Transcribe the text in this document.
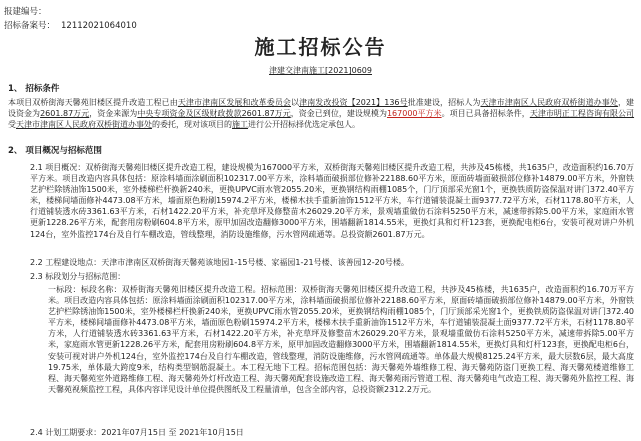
报建编号：
招标备案号： 12112021064010
施工招标公告
津建交津南施工[2021]0609
1、 招标条件
本项目双桥街海天馨苑旧楼区提升改造工程已由天津市津南区发展和改革委员会以津南发改投资【2021】136号批准建设，招标人为天津市津南区人民政府双桥街道办事处，建设资金为2601.87万元，资金来源为中央专项资金及区级财政拨款2601.87万元，资金已到位，建设规模为167000平方米。项目已具备招标条件，天津市明正工程咨询有限公司受天津市津南区人民政府双桥街道办事处的委托，现对该项目的施工进行公开招标择优选定承包人。
2、 项目概况与招标范围
2.1 项目概况：双桥街海天馨苑旧楼区提升改造工程，建设规模为167000平方米，双桥街海天馨苑旧楼区提升改造工程，共涉及45栋楼，共1635户，改造面积约16.70万平方米。项目改造内容具体包括：原涂料墙面涂刷面积102317.00平方米，涂料墙面破损部位修补22188.60平方米，原面砖墙面破损部位修补14879.00平方米，外窗铁艺护栏除锈油饰1500米，室外楼梯栏杆换新240米，更换UPVC雨水管2055.20米，更换钢结构雨棚1085个，门厅顶部采光窗1个，更换铁质防盗保温对讲门372.40平方米，楼梯间墙面修补4473.08平方米，墙面原色粉刷15974.2平方米，楼梯木扶手重新油饰1512平方米，车行道铺装混凝土面9377.72平方米，石材1178.80平方米，人行道铺装透水砖3361.63平方米，石材1422.20平方米，补充草坪及修整苗木26029.20平方米，景观墙重做仿石涂料5250平方米，减速带拆除5.00平方米，家庭雨水管更新1228.26平方米，配套用房粉刷604.8平方米，原甲加固改造翻修3000平方米，围墙翻新1814.55米，更换灯具和灯杆123套，更换配电柜6台，安装可视对讲户外机124台，室外监控174台及自行车棚改造，管线整理，消防设施维修，污水管网疏通等。总投资额2601.87万元。
2.2 工程建设地点：天津市津南区双桥街海天馨苑该地园1-15号楼、家福园1-21号楼、该善园12-20号楼。
2.3 标段划分与招标范围：
一标段：标段名称：双桥街海天馨苑旧楼区提升改造工程。招标范围：双桥街海天馨苑旧楼区提升改造工程，共涉及45栋楼，共1635户，改造面积约16.70万平方米。项目改造内容具体包括：原涂料墙面涂刷面积102317.00平方米，涂料墙面破损部位修补22188.60平方米，原面砖墙面破损部位修补14879.00平方米，外窗铁艺护栏除锈油饰1500米，室外楼梯栏杆换新240米，更换UPVC雨水管2055.20米，更换钢结构雨棚1085个，门厅顶部采光窗1个，更换铁质防盗保温对讲门372.40平方米，楼梯间墙面修补4473.08平方米，墙面原色粉刷15974.2平方米，楼梯木扶手重新油饰1512平方米，车行道铺装混凝土面9377.72平方米，石材1178.80平方米，人行道铺装透水砖3361.63平方米，石材1422.20平方米，补充草坪及修整苗木26029.20平方米，景观墙重做仿石涂料5250平方米，减速带拆除5.00平方米，家庭雨水管更新1228.26平方米，配套用房粉刷604.8平方米，原甲加固改造翻修3000平方米，围墙翻新1814.55米，更换灯具和灯杆123套，更换配电柜6台，安装可视对讲户外机124台，室外监控174台及自行车棚改造，管线整理，消防设施维修，污水管网疏通等。单体最大规模8125.24平方米，最大层数6层，最大高度19.75米，单体最大跨度9米，结构类型钢筋混凝土。本工程无地下工程。招标范围包括：海天馨苑外墙维修工程、海天馨苑防盗门更换工程、海天馨苑楼道维修工程、海天馨苑室外道路维修工程、海天馨苑外灯杆改造工程、海天馨苑配套设施改造工程、海天馨苑雨污管道工程、海天馨苑电气改造工程、海天馨苑外监控工程、海天馨苑视频监控工程，具体内容详见设计单位提供图纸及工程量清单，包含全部内容，总投资额2312.2万元。
2.4 计划工期要求：2021年07月15日 至 2021年10月15日
